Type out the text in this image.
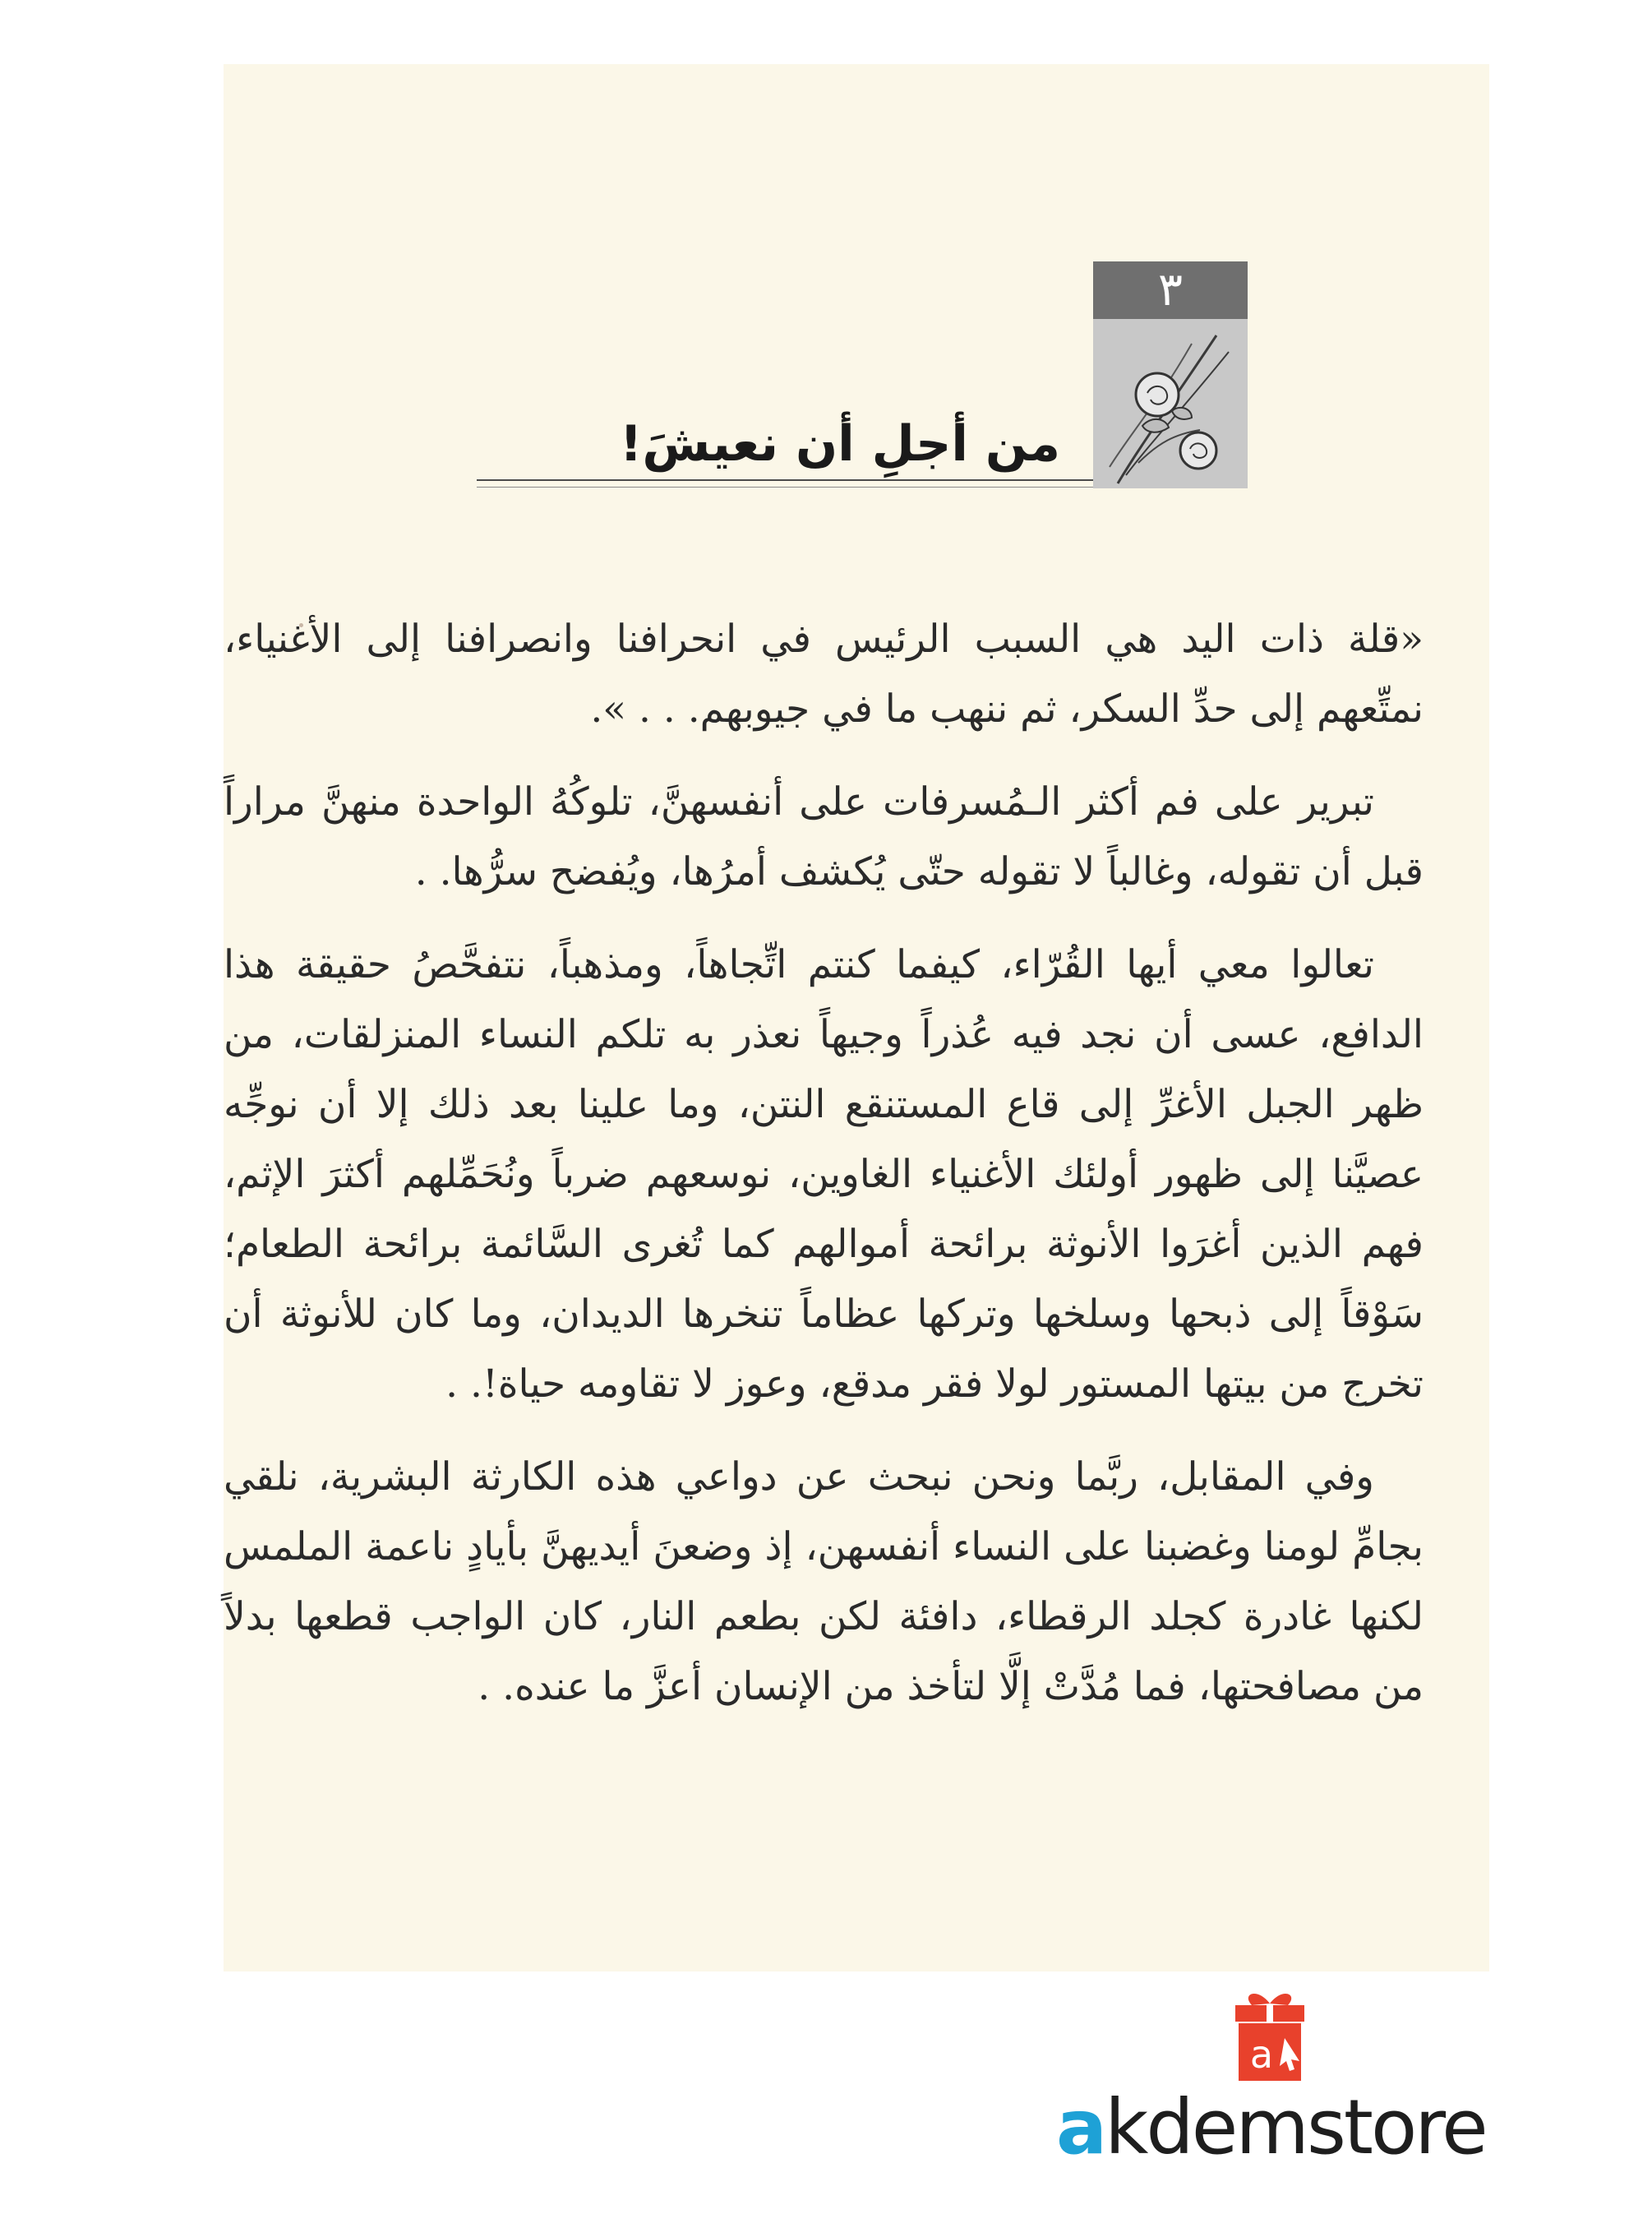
٣
من أجلِ أن نعيشَ!

«قلة ذات اليد هي السبب الرئيس في انحرافنا وانصرافنا إلى الأغنياء، نمتِّعهم إلى حدِّ السكر، ثم ننهب ما في جيوبهم. . . ».

تبرير على فم أكثر الـمُسرفات على أنفسهنَّ، تلوكُهُ الواحدة منهنَّ مراراً قبل أن تقوله، وغالباً لا تقوله حتّى يُكشف أمرُها، ويُفضح سرُّها. .

تعالوا معي أيها القُرّاء، كيفما كنتم اتِّجاهاً، ومذهباً، نتفحَّصُ حقيقة هذا الدافع، عسى أن نجد فيه عُذراً وجيهاً نعذر به تلكم النساء المنزلقات، من ظهر الجبل الأغرِّ إلى قاع المستنقع النتن، وما علينا بعد ذلك إلا أن نوجِّه عصيَّنا إلى ظهور أولئك الأغنياء الغاوين، نوسعهم ضرباً ونُحَمِّلهم أكثرَ الإثم، فهم الذين أغرَوا الأنوثة برائحة أموالهم كما تُغرى السَّائمة برائحة الطعام؛ سَوْقاً إلى ذبحها وسلخها وتركها عظاماً تنخرها الديدان، وما كان للأنوثة أن تخرج من بيتها المستور لولا فقر مدقع، وعوز لا تقاومه حياة!. .

وفي المقابل، ربَّما ونحن نبحث عن دواعي هذه الكارثة البشرية، نلقي بجامِّ لومنا وغضبنا على النساء أنفسهن، إذ وضعنَ أيديهنَّ بأيادٍ ناعمة الملمس لكنها غادرة كجلد الرقطاء، دافئة لكن بطعم النار، كان الواجب قطعها بدلاً من مصافحتها، فما مُدَّتْ إلَّا لتأخذ من الإنسان أعزَّ ما عنده. .

a
akdemstore
